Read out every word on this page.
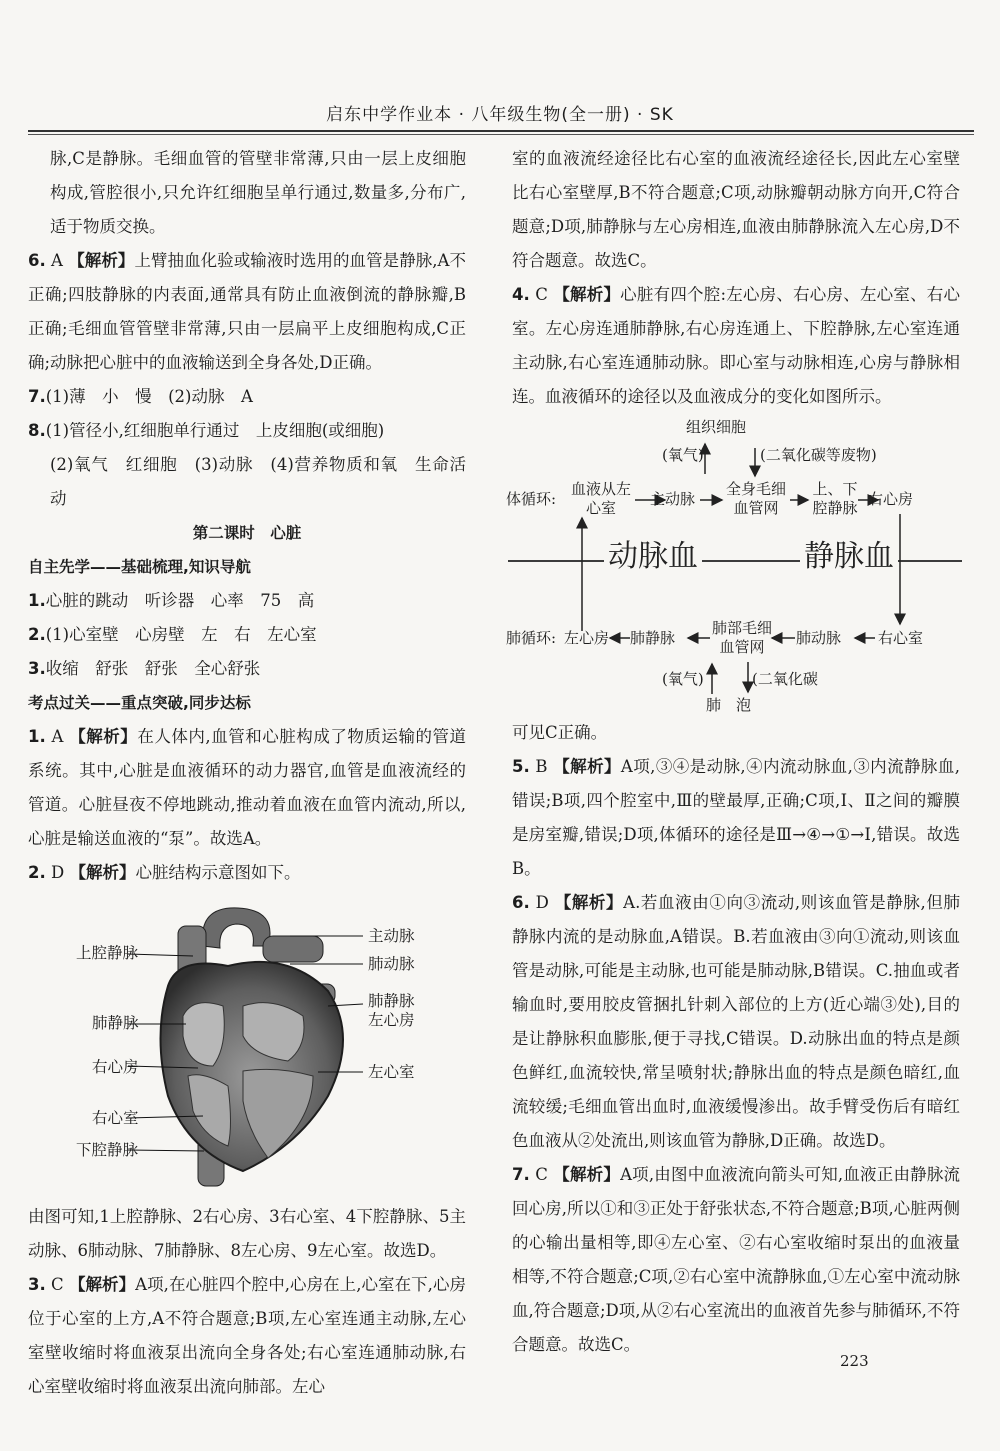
启东中学作业本 · 八年级生物(全一册) · SK

脉,C是静脉。毛细血管的管壁非常薄,只由一层上皮细胞构成,管腔很小,只允许红细胞呈单行通过,数量多,分布广,适于物质交换。

6. A 【解析】上臂抽血化验或输液时选用的血管是静脉,A不正确;四肢静脉的内表面,通常具有防止血液倒流的静脉瓣,B正确;毛细血管管壁非常薄,只由一层扁平上皮细胞构成,C正确;动脉把心脏中的血液输送到全身各处,D正确。

7.(1)薄　小　慢　(2)动脉　A

8.(1)管径小,红细胞单行通过　上皮细胞(或细胞)

(2)氧气　红细胞　(3)动脉　(4)营养物质和氧　生命活动

第二课时　心脏

自主先学——基础梳理,知识导航

1.心脏的跳动　听诊器　心率　75　高

2.(1)心室壁　心房壁　左　右　左心室

3.收缩　舒张　舒张　全心舒张

考点过关——重点突破,同步达标

1. A 【解析】在人体内,血管和心脏构成了物质运输的管道系统。其中,心脏是血液循环的动力器官,血管是血液流经的管道。心脏昼夜不停地跳动,推动着血液在血管内流动,所以,心脏是输送血液的“泵”。故选A。

2. D 【解析】心脏结构示意图如下。

上腔静脉
肺静脉
右心房
右心室
下腔静脉
主动脉
肺动脉
肺静脉
左心房
左心室

由图可知,1上腔静脉、2右心房、3右心室、4下腔静脉、5主动脉、6肺动脉、7肺静脉、8左心房、9左心室。故选D。

3. C 【解析】A项,在心脏四个腔中,心房在上,心室在下,心房位于心室的上方,A不符合题意;B项,左心室连通主动脉,左心室壁收缩时将血液泵出流向全身各处;右心室连通肺动脉,右心室壁收缩时将血液泵出流向肺部。左心

室的血液流经途径比右心室的血液流经途径长,因此左心室壁比右心室壁厚,B不符合题意;C项,动脉瓣朝动脉方向开,C符合题意;D项,肺静脉与左心房相连,血液由肺静脉流入左心房,D不符合题意。故选C。

4. C 【解析】心脏有四个腔:左心房、右心房、左心室、右心室。左心房连通肺静脉,右心房连通上、下腔静脉,左心室连通主动脉,右心室连通肺动脉。即心室与动脉相连,心房与静脉相连。血液循环的途径以及血液成分的变化如图所示。

组织细胞
(氧气)	(二氧化碳等废物)
体循环:
血液从左心室	主动脉
全身毛细血管网
上、下腔静脉 右心房
动脉血	静脉血
肺循环: 左心房 肺静脉
肺部毛细血管网	肺动脉 右心室
(氧气)	(二氧化碳
肺　泡

可见C正确。

5. B 【解析】A项,③④是动脉,④内流动脉血,③内流静脉血,错误;B项,四个腔室中,Ⅲ的壁最厚,正确;C项,Ⅰ、Ⅱ之间的瓣膜是房室瓣,错误;D项,体循环的途径是Ⅲ→④→①→Ⅰ,错误。故选B。

6. D 【解析】A.若血液由①向③流动,则该血管是静脉,但肺静脉内流的是动脉血,A错误。B.若血液由③向①流动,则该血管是动脉,可能是主动脉,也可能是肺动脉,B错误。C.抽血或者输血时,要用胶皮管捆扎针刺入部位的上方(近心端③处),目的是让静脉积血膨胀,便于寻找,C错误。D.动脉出血的特点是颜色鲜红,血流较快,常呈喷射状;静脉出血的特点是颜色暗红,血流较缓;毛细血管出血时,血液缓慢渗出。故手臂受伤后有暗红色血液从②处流出,则该血管为静脉,D正确。故选D。

7. C 【解析】A项,由图中血液流向箭头可知,血液正由静脉流回心房,所以①和③正处于舒张状态,不符合题意;B项,心脏两侧的心输出量相等,即④左心室、②右心室收缩时泵出的血液量相等,不符合题意;C项,②右心室中流静脉血,①左心室中流动脉血,符合题意;D项,从②右心室流出的血液首先参与肺循环,不符合题意。故选C。

223
